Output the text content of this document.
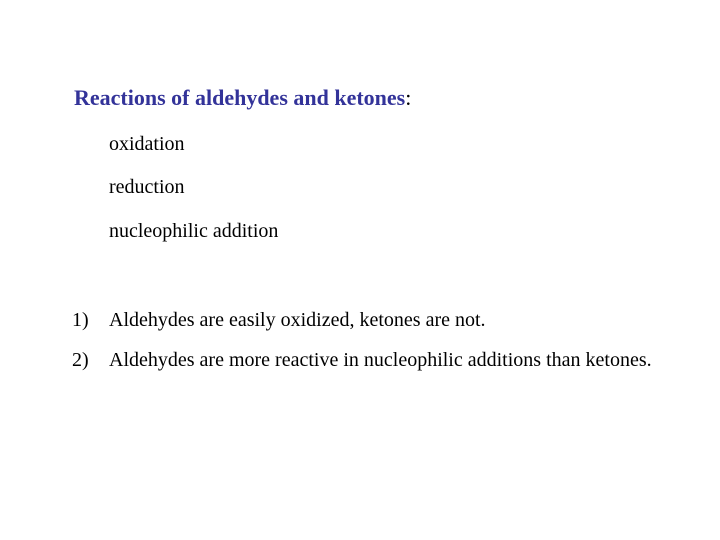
Reactions of aldehydes and ketones:
oxidation
reduction
nucleophilic addition
1) Aldehydes are easily oxidized, ketones are not.
2) Aldehydes are more reactive in nucleophilic additions than ketones.
